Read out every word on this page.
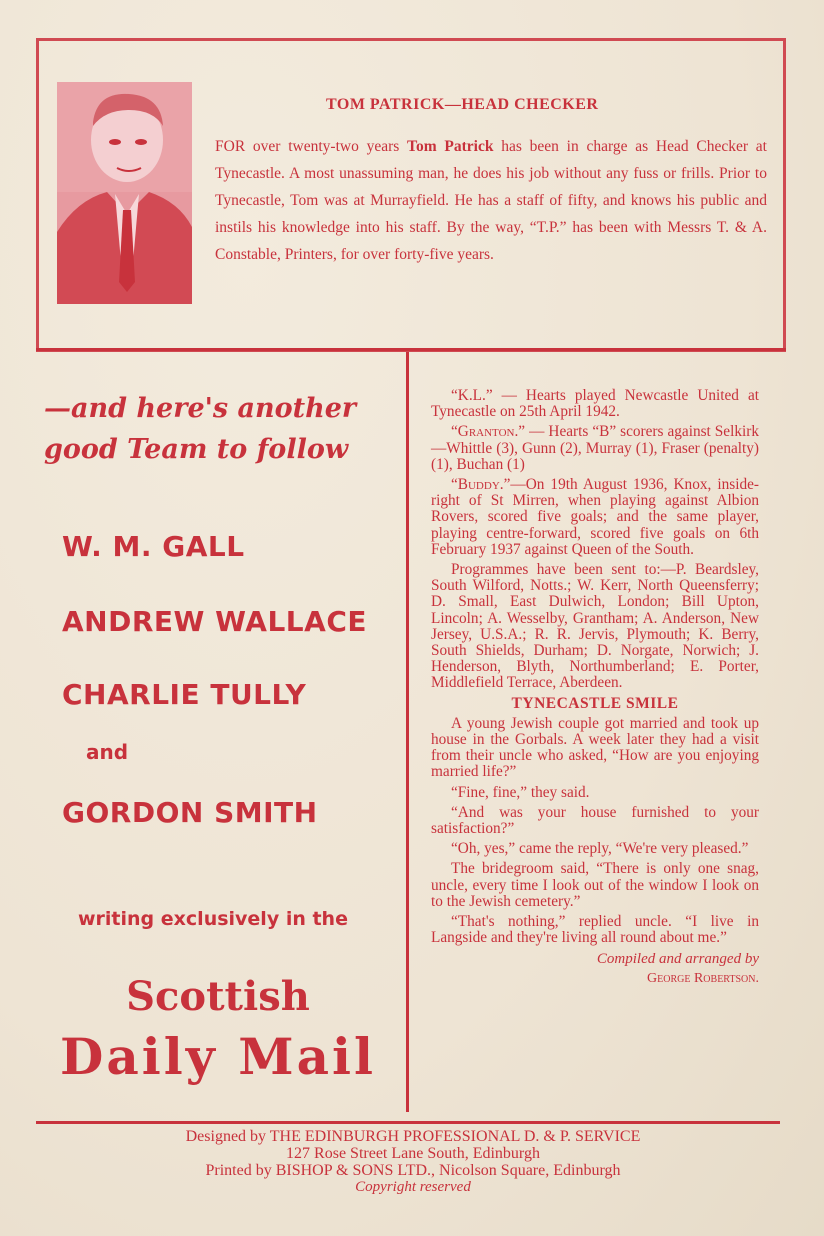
TOM PATRICK—HEAD CHECKER
FOR over twenty-two years Tom Patrick has been in charge as Head Checker at Tynecastle. A most unassuming man, he does his job without any fuss or frills. Prior to Tynecastle, Tom was at Murrayfield. He has a staff of fifty, and knows his public and instils his knowledge into his staff. By the way, “T.P.” has been with Messrs T. & A. Constable, Printers, for over forty-five years.
—and here's another
good Team to follow
W. M. GALL
ANDREW WALLACE
CHARLIE TULLY
and
GORDON SMITH
writing exclusively in the
Scottish
Daily Mail

“K.L.” — Hearts played Newcastle United at Tynecastle on 25th April 1942.

“Granton.” — Hearts “B” scorers against Selkirk—Whittle (3), Gunn (2), Murray (1), Fraser (penalty) (1), Buchan (1)

“Buddy.”—On 19th August 1936, Knox, inside-right of St Mirren, when playing against Albion Rovers, scored five goals; and the same player, playing centre-forward, scored five goals on 6th February 1937 against Queen of the South.

Programmes have been sent to:—P. Beardsley, South Wilford, Notts.; W. Kerr, North Queensferry; D. Small, East Dulwich, London; Bill Upton, Lincoln; A. Wesselby, Grantham; A. Anderson, New Jersey, U.S.A.; R. R. Jervis, Plymouth; K. Berry, South Shields, Durham; D. Norgate, Norwich; J. Henderson, Blyth, Northumberland; E. Porter, Middlefield Terrace, Aberdeen.

TYNECASTLE SMILE

A young Jewish couple got married and took up house in the Gorbals. A week later they had a visit from their uncle who asked, “How are you enjoying married life?”

“Fine, fine,” they said.

“And was your house furnished to your satisfaction?”

“Oh, yes,” came the reply, “We're very pleased.”

The bridegroom said, “There is only one snag, uncle, every time I look out of the window I look on to the Jewish cemetery.”

“That's nothing,” replied uncle. “I live in Langside and they're living all round about me.”

Compiled and arranged by

George Robertson.

Designed by THE EDINBURGH PROFESSIONAL D. & P. SERVICE
127 Rose Street Lane South, Edinburgh
Printed by BISHOP & SONS LTD., Nicolson Square, Edinburgh
Copyright reserved
